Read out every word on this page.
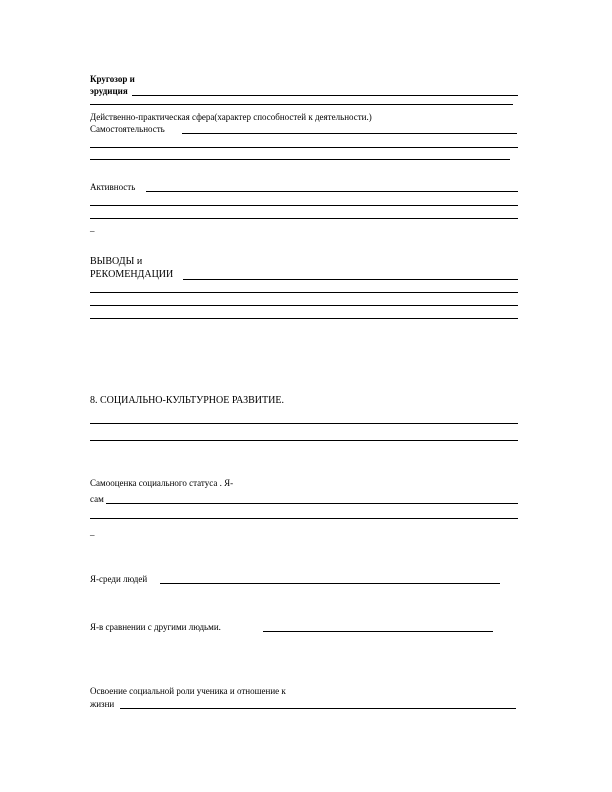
Кругозор и
эрудиция
Действенно-практическая сфера(характер способностей к деятельности.)
Самостоятельность
Активность
–
ВЫВОДЫ и
РЕКОМЕНДАЦИИ
8. СОЦИАЛЬНО-КУЛЬТУРНОЕ РАЗВИТИЕ.
Самооценка социального статуса . Я-
сам
–
Я-среди людей
Я-в сравнении с другими людьми.
Освоение социальной роли ученика и отношение к
жизни
